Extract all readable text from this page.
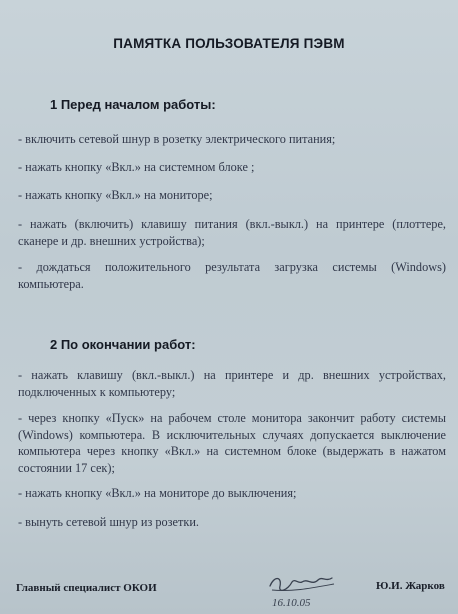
ПАМЯТКА ПОЛЬЗОВАТЕЛЯ ПЭВМ
1 Перед началом работы:
- включить сетевой шнур в розетку электрического питания;
- нажать кнопку «Вкл.» на системном блоке ;
- нажать кнопку «Вкл.» на мониторе;
- нажать (включить) клавишу питания (вкл.-выкл.) на принтере (плоттере, сканере и др. внешних устройства);
- дождаться положительного результата загрузка системы (Windows) компьютера.
2 По окончании работ:
- нажать клавишу (вкл.-выкл.) на принтере и др. внешних устройствах, подключенных к компьютеру;
- через кнопку «Пуск» на рабочем столе монитора закончит работу системы (Windows) компьютера. В исключительных случаях допускается выключение компьютера через кнопку «Вкл.» на системном блоке (выдержать в нажатом состоянии 17 сек);
- нажать кнопку «Вкл.» на мониторе до выключения;
- вынуть сетевой шнур из розетки.
Главный специалист ОКОИ
16.10.05
Ю.И. Жарков
